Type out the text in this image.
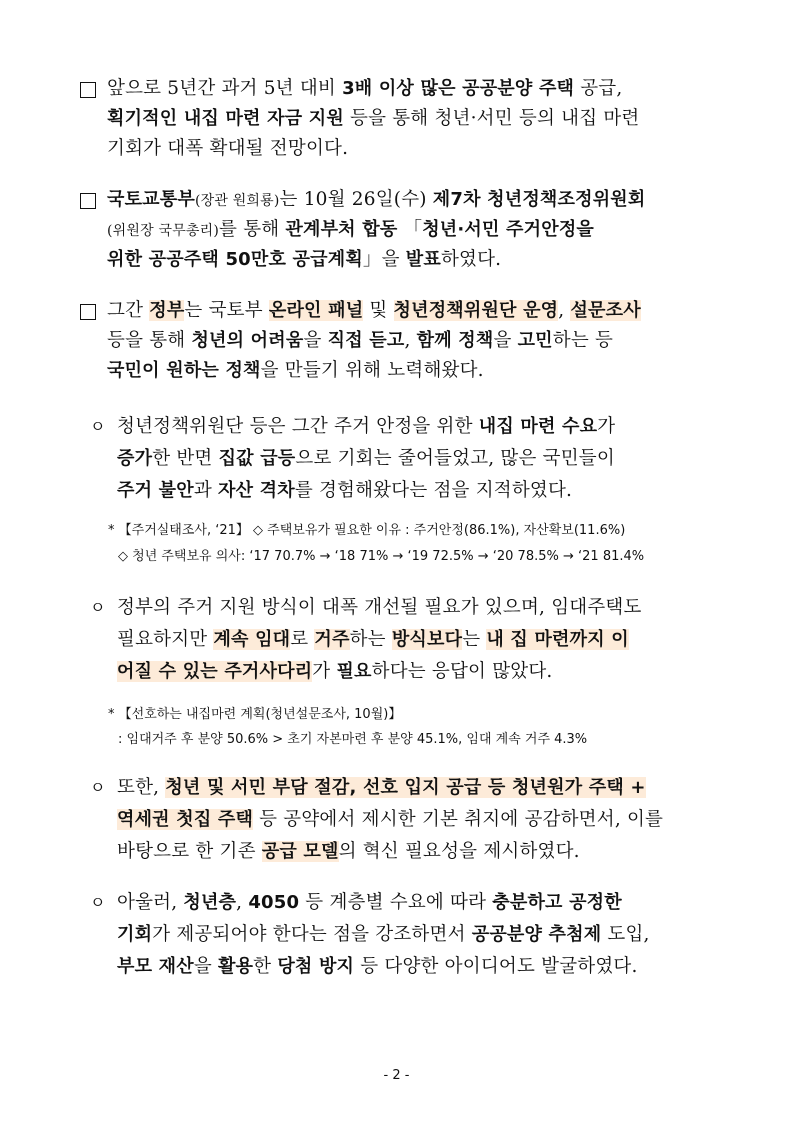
앞으로 5년간 과거 5년 대비 3배 이상 많은 공공분양 주택 공급,
획기적인 내집 마련 자금 지원 등을 통해 청년·서민 등의 내집 마련
기회가 대폭 확대될 전망이다.
국토교통부(장관 원희룡)는 10월 26일(수) 제7차 청년정책조정위원회
(위원장 국무총리)를 통해 관계부처 합동 「청년·서민 주거안정을
위한 공공주택 50만호 공급계획」을 발표하였다.
그간 정부는 국토부 온라인 패널 및 청년정책위원단 운영, 설문조사
등을 통해 청년의 어려움을 직접 듣고, 함께 정책을 고민하는 등
국민이 원하는 정책을 만들기 위해 노력해왔다.
ㅇ 청년정책위원단 등은 그간 주거 안정을 위한 내집 마련 수요가
증가한 반면 집값 급등으로 기회는 줄어들었고, 많은 국민들이
주거 불안과 자산 격차를 경험해왔다는 점을 지적하였다.
* 【주거실태조사, ‘21】 ◇ 주택보유가 필요한 이유 : 주거안정(86.1%), 자산확보(11.6%)
◇ 청년 주택보유 의사: ‘17 70.7% → ‘18 71% → ‘19 72.5% → ‘20 78.5% → ‘21 81.4%
ㅇ 정부의 주거 지원 방식이 대폭 개선될 필요가 있으며, 임대주택도
필요하지만 계속 임대로 거주하는 방식보다는 내 집 마련까지 이
어질 수 있는 주거사다리가 필요하다는 응답이 많았다.
* 【선호하는 내집마련 계획(청년설문조사, 10월)】
: 임대거주 후 분양 50.6% > 초기 자본마련 후 분양 45.1%, 임대 계속 거주 4.3%
ㅇ 또한, 청년 및 서민 부담 절감, 선호 입지 공급 등 청년원가 주택 +
역세권 첫집 주택 등 공약에서 제시한 기본 취지에 공감하면서, 이를
바탕으로 한 기존 공급 모델의 혁신 필요성을 제시하였다.
ㅇ 아울러, 청년층, 4050 등 계층별 수요에 따라 충분하고 공정한
기회가 제공되어야 한다는 점을 강조하면서 공공분양 추첨제 도입,
부모 재산을 활용한 당첨 방지 등 다양한 아이디어도 발굴하였다.
- 2 -
